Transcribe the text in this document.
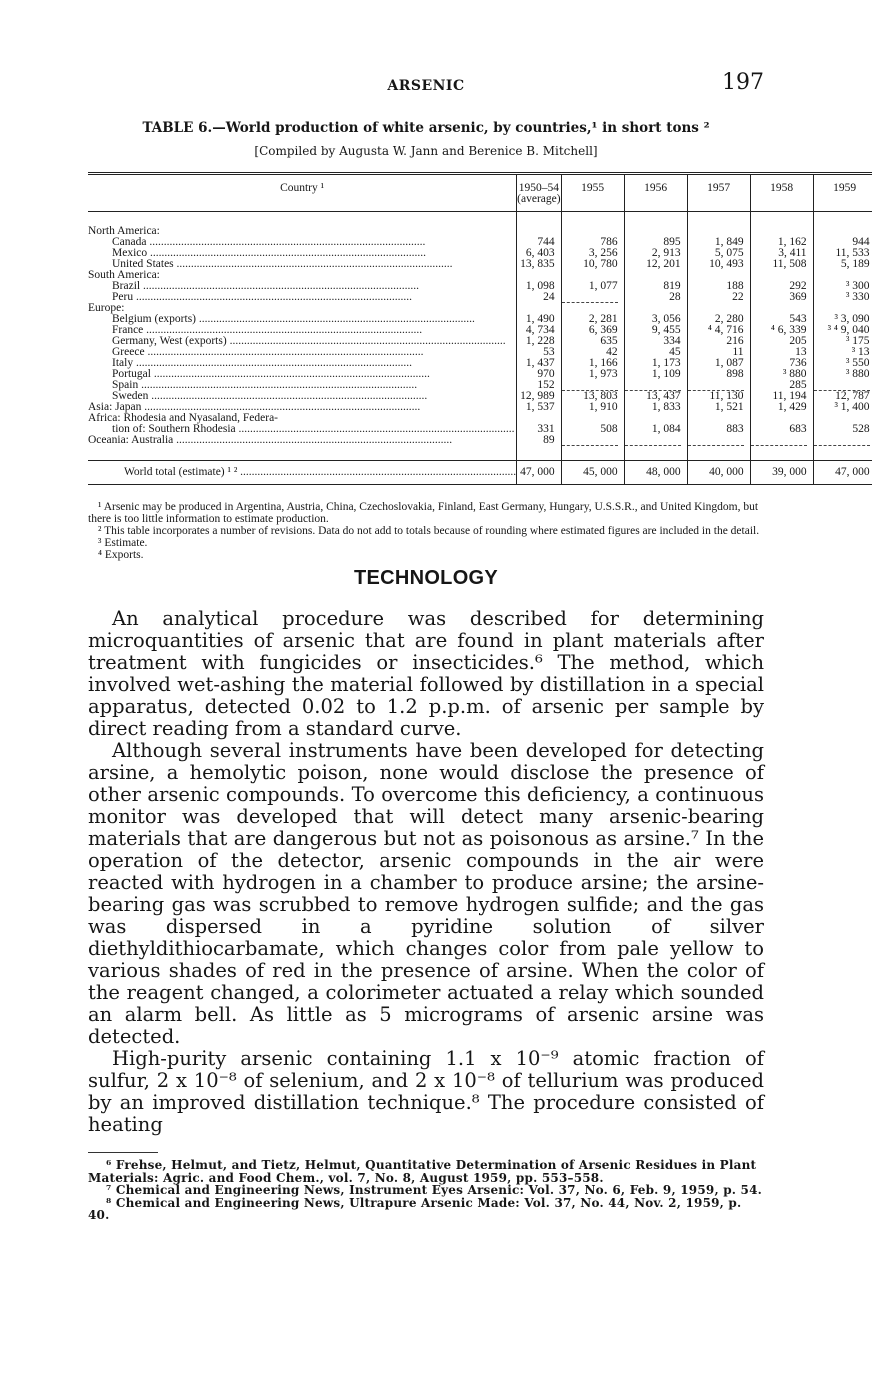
ARSENIC	197
TABLE 6.—World production of white arsenic, by countries,¹ in short tons ²
[Compiled by Augusta W. Jann and Berenice B. Mitchell]
Country ¹	1950–54 (average)	1955	1956	1957	1958	1959

North America:						

Canada .....	744	786	895	1, 849	1, 162	944

Mexico .....	6, 403	3, 256	2, 913	5, 075	3, 411	11, 533

United States .....	13, 835	10, 780	12, 201	10, 493	11, 508	5, 189

South America:						

Brazil .....	1, 098	1, 077	819	188	292	³ 300

Peru .....	24		28	22	369	³ 330

Europe:						

Belgium (exports) .....	1, 490	2, 281	3, 056	2, 280	543	³ 3, 090

France .....	4, 734	6, 369	9, 455	⁴ 4, 716	⁴ 6, 339	³ ⁴ 9, 040

Germany, West (exports) .....	1, 228	635	334	216	205	³ 175

Greece .....	53	42	45	11	13	³ 13

Italy .....	1, 437	1, 166	1, 173	1, 087	736	³ 550

Portugal .....	970	1, 973	1, 109	898	³ 880	³ 880

Spain .....	152				285	

Sweden .....	12, 989	13, 803	13, 437	11, 130	11, 194	12, 787

Asia: Japan .....	1, 537	1, 910	1, 833	1, 521	1, 429	³ 1, 400

Africa: Rhodesia and Nyasaland, Federa-						

tion of: Southern Rhodesia .....	331	508	1, 084	883	683	528

Oceania: Australia .....	89					

World total (estimate) ¹ ² .....	47, 000	45, 000	48, 000	40, 000	39, 000	47, 000

¹ Arsenic may be produced in Argentina, Austria, China, Czechoslovakia, Finland, East Germany, Hungary, U.S.S.R., and United Kingdom, but there is too little information to estimate production.

² This table incorporates a number of revisions. Data do not add to totals because of rounding where estimated figures are included in the detail.

³ Estimate.

⁴ Exports.

TECHNOLOGY

An analytical procedure was described for determining microquantities of arsenic that are found in plant materials after treatment with fungicides or insecticides.⁶ The method, which involved wet-ashing the material followed by distillation in a special apparatus, detected 0.02 to 1.2 p.p.m. of arsenic per sample by direct reading from a standard curve.

Although several instruments have been developed for detecting arsine, a hemolytic poison, none would disclose the presence of other arsenic compounds. To overcome this deficiency, a continuous monitor was developed that will detect many arsenic-bearing materials that are dangerous but not as poisonous as arsine.⁷ In the operation of the detector, arsenic compounds in the air were reacted with hydrogen in a chamber to produce arsine; the arsine-bearing gas was scrubbed to remove hydrogen sulfide; and the gas was dispersed in a pyridine solution of silver diethyldithiocarbamate, which changes color from pale yellow to various shades of red in the presence of arsine. When the color of the reagent changed, a colorimeter actuated a relay which sounded an alarm bell. As little as 5 micrograms of arsenic arsine was detected.

High-purity arsenic containing 1.1 x 10⁻⁹ atomic fraction of sulfur, 2 x 10⁻⁸ of selenium, and 2 x 10⁻⁸ of tellurium was produced by an improved distillation technique.⁸ The procedure consisted of heating

⁶ Frehse, Helmut, and Tietz, Helmut, Quantitative Determination of Arsenic Residues in Plant Materials: Agric. and Food Chem., vol. 7, No. 8, August 1959, pp. 553–558.

⁷ Chemical and Engineering News, Instrument Eyes Arsenic: Vol. 37, No. 6, Feb. 9, 1959, p. 54.

⁸ Chemical and Engineering News, Ultrapure Arsenic Made: Vol. 37, No. 44, Nov. 2, 1959, p. 40.
